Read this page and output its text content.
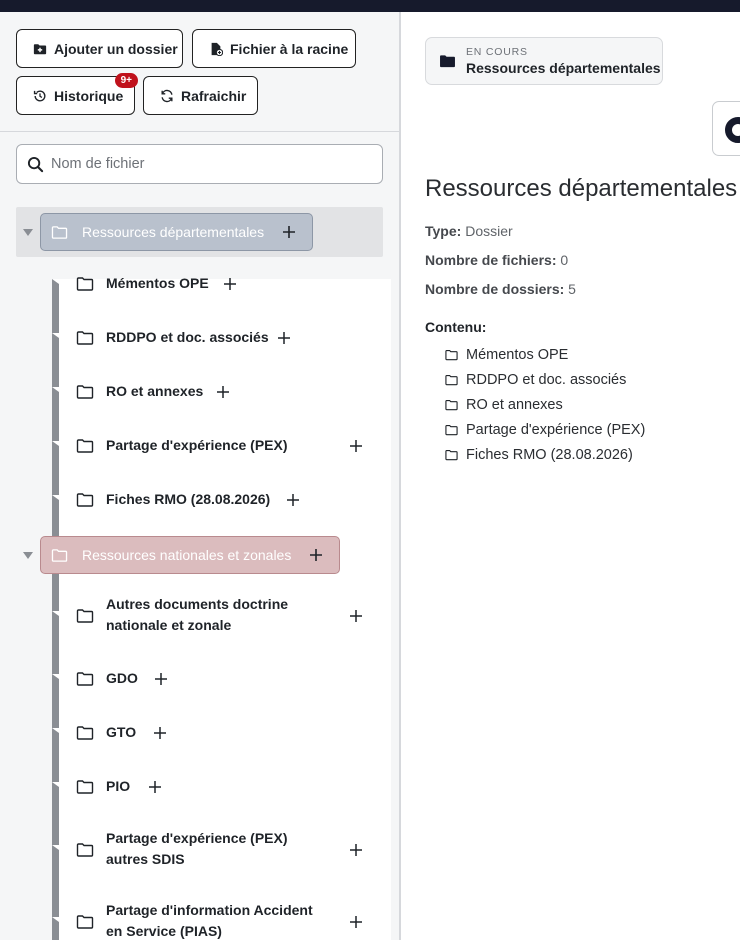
Ajouter un dossier	Fichier à la racine
Historique
9+
Rafraichir
Nom de fichier
Ressources départementales
Mémentos OPE
RDDPO et doc. associés
RO et annexes
Partage d'expérience (PEX)
Fiches RMO (28.08.2026)
Ressources nationales et zonales
Autres documents doctrine nationale et zonale
GDO
GTO
PIO
Partage d'expérience (PEX) autres SDIS
Partage d'information Accident en Service (PIAS)
EN COURS
Ressources départementales
Ressources départementales
Type: Dossier
Nombre de fichiers: 0
Nombre de dossiers: 5
Contenu:
Mémentos OPE
RDDPO et doc. associés
RO et annexes
Partage d'expérience (PEX)
Fiches RMO (28.08.2026)
